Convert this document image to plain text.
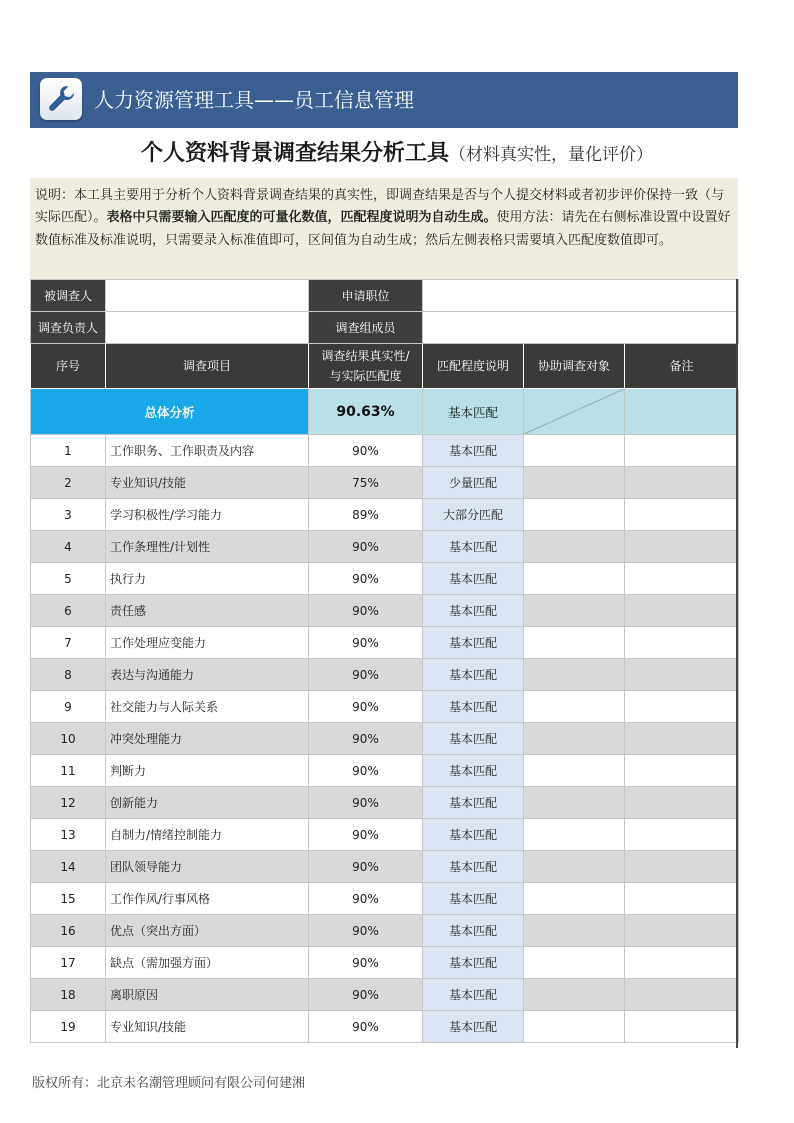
人力资源管理工具——员工信息管理
个人资料背景调查结果分析工具（材料真实性，量化评价）
说明：本工具主要用于分析个人资料背景调查结果的真实性，即调查结果是否与个人提交材料或者初步评价保持一致（与实际匹配）。表格中只需要输入匹配度的可量化数值，匹配程度说明为自动生成。使用方法：请先在右侧标准设置中设置好数值标准及标准说明，只需要录入标准值即可，区间值为自动生成；然后左侧表格只需要填入匹配度数值即可。
被调查人		申请职位			
调查负责人		调查组成员			
序号	调查项目	调查结果真实性/
与实际匹配度	匹配程度说明	协助调查对象	备注
总体分析		90.63%	基本匹配	

1	工作职务、工作职责及内容	90%	基本匹配		
2	专业知识/技能	75%	少量匹配		
3	学习积极性/学习能力	89%	大部分匹配		
4	工作条理性/计划性	90%	基本匹配		
5	执行力	90%	基本匹配		
6	责任感	90%	基本匹配		
7	工作处理应变能力	90%	基本匹配		
8	表达与沟通能力	90%	基本匹配		
9	社交能力与人际关系	90%	基本匹配		
10	冲突处理能力	90%	基本匹配		
11	判断力	90%	基本匹配		
12	创新能力	90%	基本匹配		
13	自制力/情绪控制能力	90%	基本匹配		
14	团队领导能力	90%	基本匹配		
15	工作作风/行事风格	90%	基本匹配		
16	优点（突出方面）	90%	基本匹配		
17	缺点（需加强方面）	90%	基本匹配		
18	离职原因	90%	基本匹配		
19	专业知识/技能	90%	基本匹配		
版权所有：北京未名潮管理顾问有限公司何建湘
